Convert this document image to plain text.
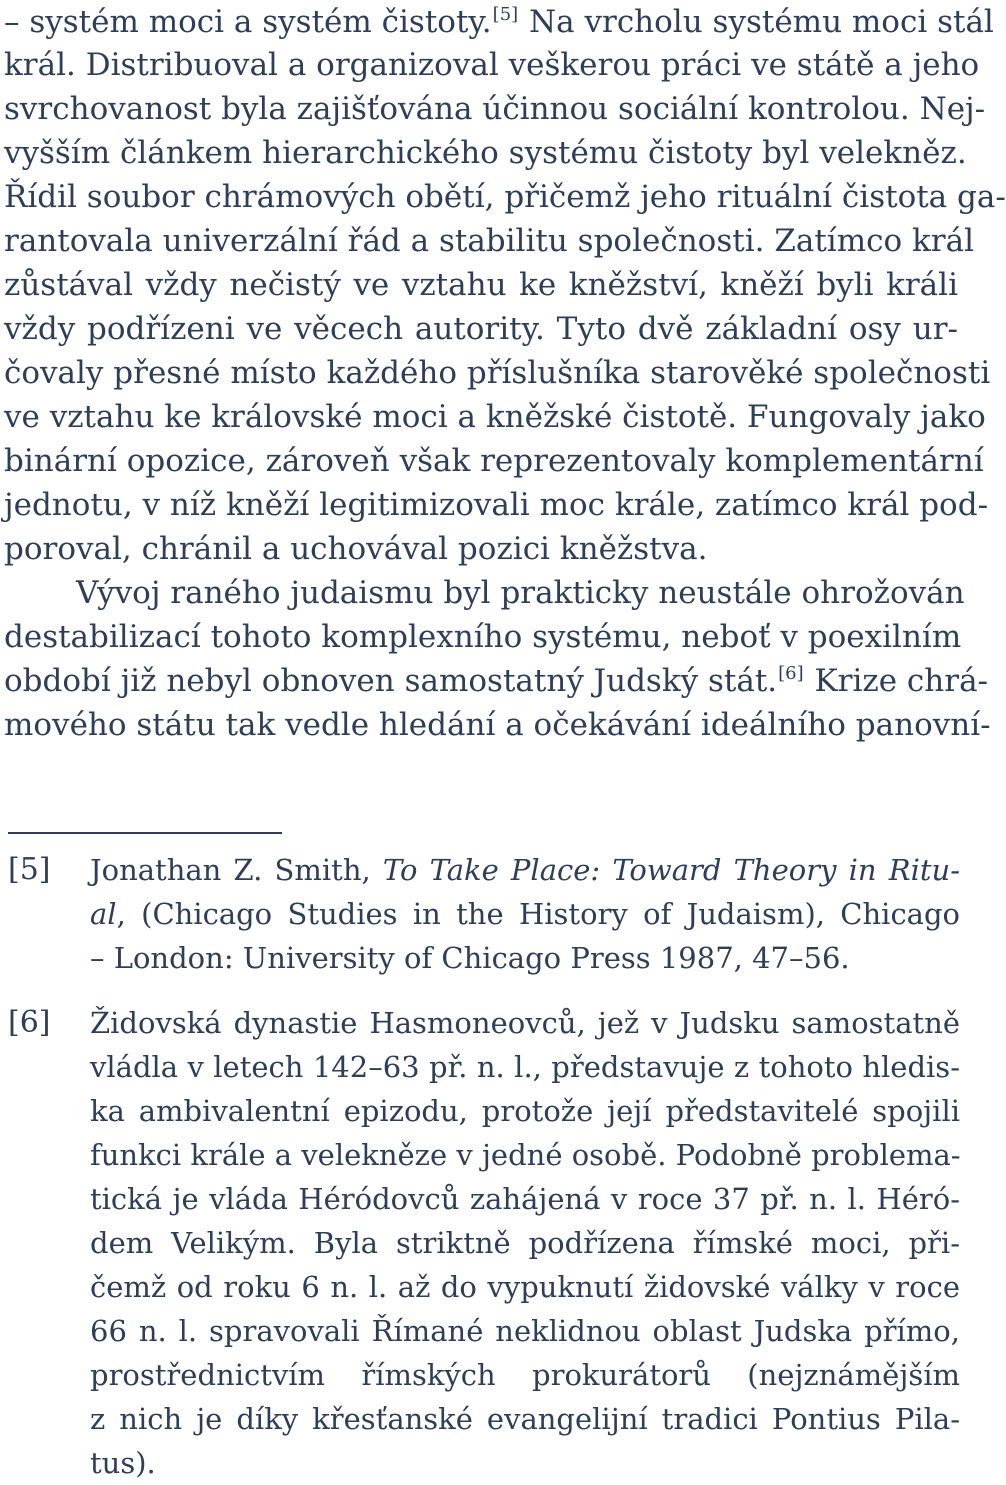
– systém moci a systém čistoty.[5] Na vrcholu systému moci stál
král. Distribuoval a organizoval veškerou práci ve státě a jeho
svrchovanost byla zajišťována účinnou sociální kontrolou. Nej-
vyšším článkem hierarchického systému čistoty byl velekněz.
Řídil soubor chrámových obětí, přičemž jeho rituální čistota ga-
rantovala univerzální řád a stabilitu společnosti. Zatímco král
zůstával vždy nečistý ve vztahu ke kněžství, kněží byli králi
vždy podřízeni ve věcech autority. Tyto dvě základní osy ur-
čovaly přesné místo každého příslušníka starověké společnosti
ve vztahu ke královské moci a kněžské čistotě. Fungovaly jako
binární opozice, zároveň však reprezentovaly komplementární
jednotu, v níž kněží legitimizovali moc krále, zatímco král pod-
poroval, chránil a uchovával pozici kněžstva.
Vývoj raného judaismu byl prakticky neustále ohrožován
destabilizací tohoto komplexního systému, neboť v poexilním
období již nebyl obnoven samostatný Judský stát.[6] Krize chrá-
mového státu tak vedle hledání a očekávání ideálního panovní-
[5] Jonathan Z. Smith, To Take Place: Toward Theory in Ritu-
al, (Chicago Studies in the History of Judaism), Chicago
– London: University of Chicago Press 1987, 47–56.
[6] Židovská dynastie Hasmoneovců, jež v Judsku samostatně
vládla v letech 142–63 př. n. l., představuje z tohoto hledis-
ka ambivalentní epizodu, protože její představitelé spojili
funkci krále a velekněze v jedné osobě. Podobně problema-
tická je vláda Héródovců zahájená v roce 37 př. n. l. Héró-
dem Velikým. Byla striktně podřízena římské moci, při-
čemž od roku 6 n. l. až do vypuknutí židovské války v roce
66 n. l. spravovali Římané neklidnou oblast Judska přímo,
prostřednictvím římských prokurátorů (nejznámějším
z nich je díky křesťanské evangelijní tradici Pontius Pila-
tus).
